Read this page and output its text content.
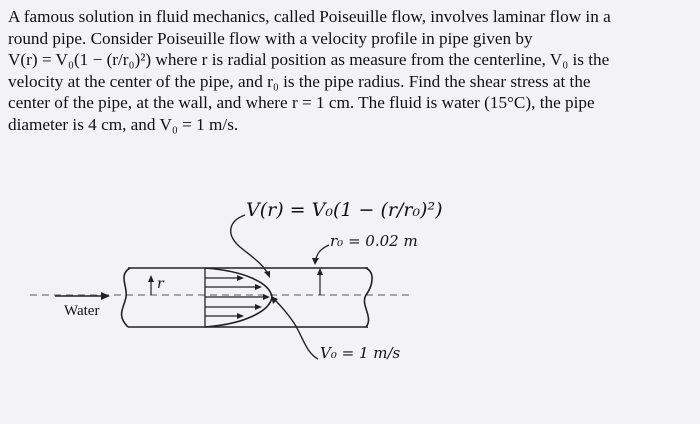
A famous solution in fluid mechanics, called Poiseuille flow, involves laminar flow in a

round pipe. Consider Poiseuille flow with a velocity profile in pipe given by

V(r) = V₀(1 − (r/r₀)²) where r is radial position as measure from the centerline, V₀ is the

velocity at the center of the pipe, and r₀ is the pipe radius. Find the shear stress at the

center of the pipe, at the wall, and where r = 1 cm. The fluid is water (15°C), the pipe

diameter is 4 cm, and V₀ = 1 m/s.

V(r) = V₀(1 − (r/r₀)²)
r₀ = 0.02 m
r
Water
V₀ = 1 m/s
